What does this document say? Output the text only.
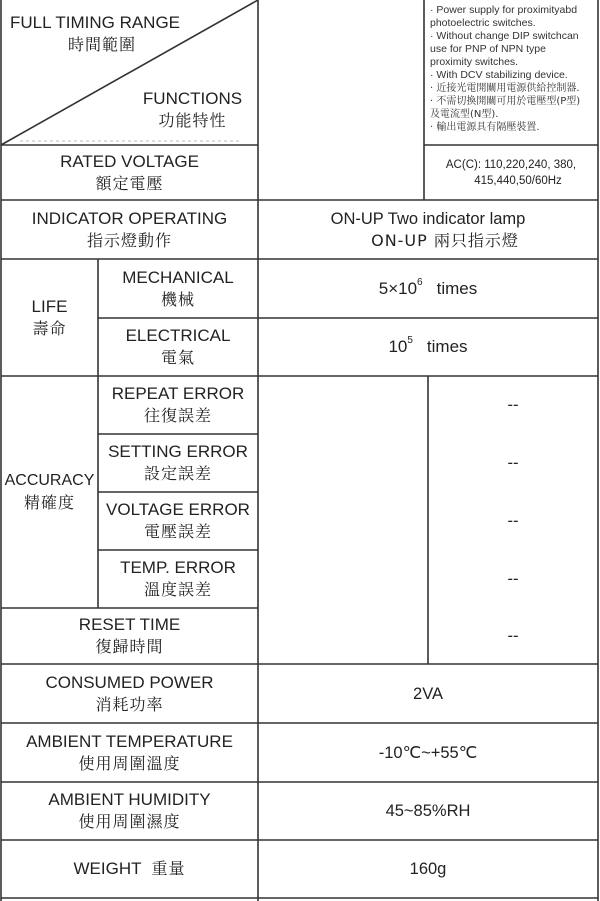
FULL TIMING RANGE
時間範圍
FUNCTIONS
功能特性
· Power supply for proximityabd
photoelectric switches.
· Without change DIP switchcan
use for PNP of NPN type
proximity switches.
· With DCV stabilizing device.
· 近接光電開關用電源供給控制器.
· 不需切換開關可用於電壓型(P型)
及電流型(N型).
· 輸出電源具有隔壓裝置.
RATED VOLTAGE
額定電壓
AC(C): 110,220,240, 380,
415,440,50/60Hz
INDICATOR OPERATING
指示燈動作
ON-UP Two indicator lamp
ON-UP 兩只指示燈
LIFE
壽命
MECHANICAL
機械
$5\times 10^6$ times
ELECTRICAL
電氣
$10^5$ times
ACCURACY
精確度
REPEAT ERROR
往復誤差
--
SETTING ERROR
設定誤差
--
VOLTAGE ERROR
電壓誤差
--
TEMP. ERROR
溫度誤差
--
RESET TIME
復歸時間
--
CONSUMED POWER
消耗功率
2VA
AMBIENT TEMPERATURE
使用周圍溫度
-10℃~+55℃
AMBIENT HUMIDITY
使用周圍濕度
45~85%RH
WEIGHT 重量	160g
